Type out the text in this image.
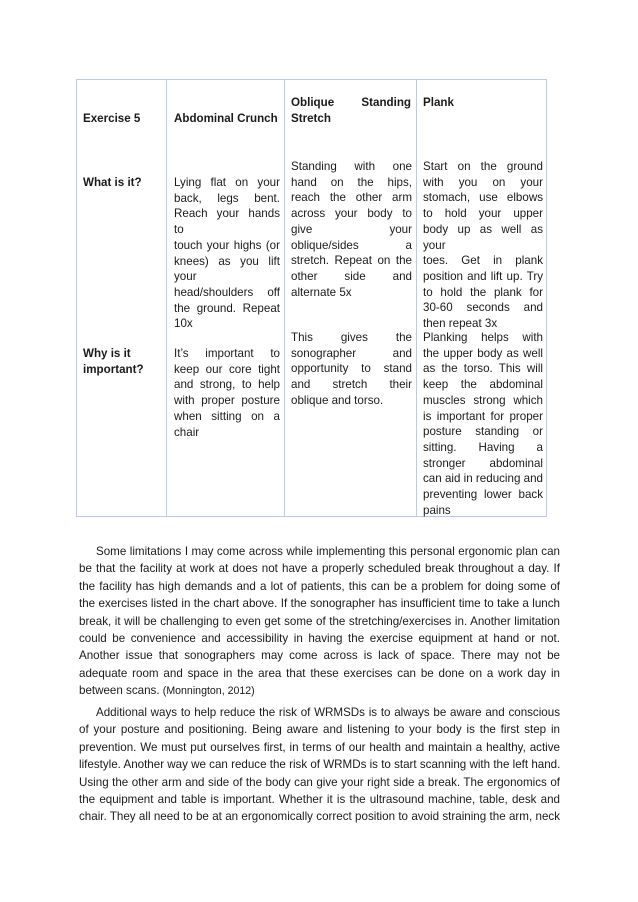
Exercise 5	Abdominal Crunch
Oblique Standing
Stretch
Plank
What is it?	Lying flat on your
back, legs bent.
Reach your hands to
touch your highs (or
knees) as you lift
your
head/shoulders off
the ground. Repeat
10x
Standing with one
hand on the hips,
reach the other arm
across your body to
give your
oblique/sides a
stretch. Repeat on the
other side and
alternate 5x
Start on the ground
with you on your
stomach, use elbows
to hold your upper
body up as well as your
toes. Get in plank
position and lift up. Try
to hold the plank for
30-60 seconds and
then repeat 3x
Why is it
important?
It’s important to
keep our core tight
and strong, to help
with proper posture
when sitting on a
chair
This gives the
sonographer and
opportunity to stand
and stretch their
oblique and torso.
Planking helps with
the upper body as well
as the torso. This will
keep the abdominal
muscles strong which
is important for proper
posture standing or
sitting. Having a
stronger abdominal
can aid in reducing and
preventing lower back
pains
Some limitations I may come across while implementing this personal ergonomic plan can
be that the facility at work at does not have a properly scheduled break throughout a day. If
the facility has high demands and a lot of patients, this can be a problem for doing some of
the exercises listed in the chart above. If the sonographer has insufficient time to take a lunch
break, it will be challenging to even get some of the stretching/exercises in. Another limitation
could be convenience and accessibility in having the exercise equipment at hand or not.
Another issue that sonographers may come across is lack of space. There may not be
adequate room and space in the area that these exercises can be done on a work day in
between scans. (Monnington, 2012)
Additional ways to help reduce the risk of WRMSDs is to always be aware and conscious
of your posture and positioning. Being aware and listening to your body is the first step in
prevention. We must put ourselves first, in terms of our health and maintain a healthy, active
lifestyle. Another way we can reduce the risk of WRMDs is to start scanning with the left hand.
Using the other arm and side of the body can give your right side a break. The ergonomics of
the equipment and table is important. Whether it is the ultrasound machine, table, desk and
chair. They all need to be at an ergonomically correct position to avoid straining the arm, neck
